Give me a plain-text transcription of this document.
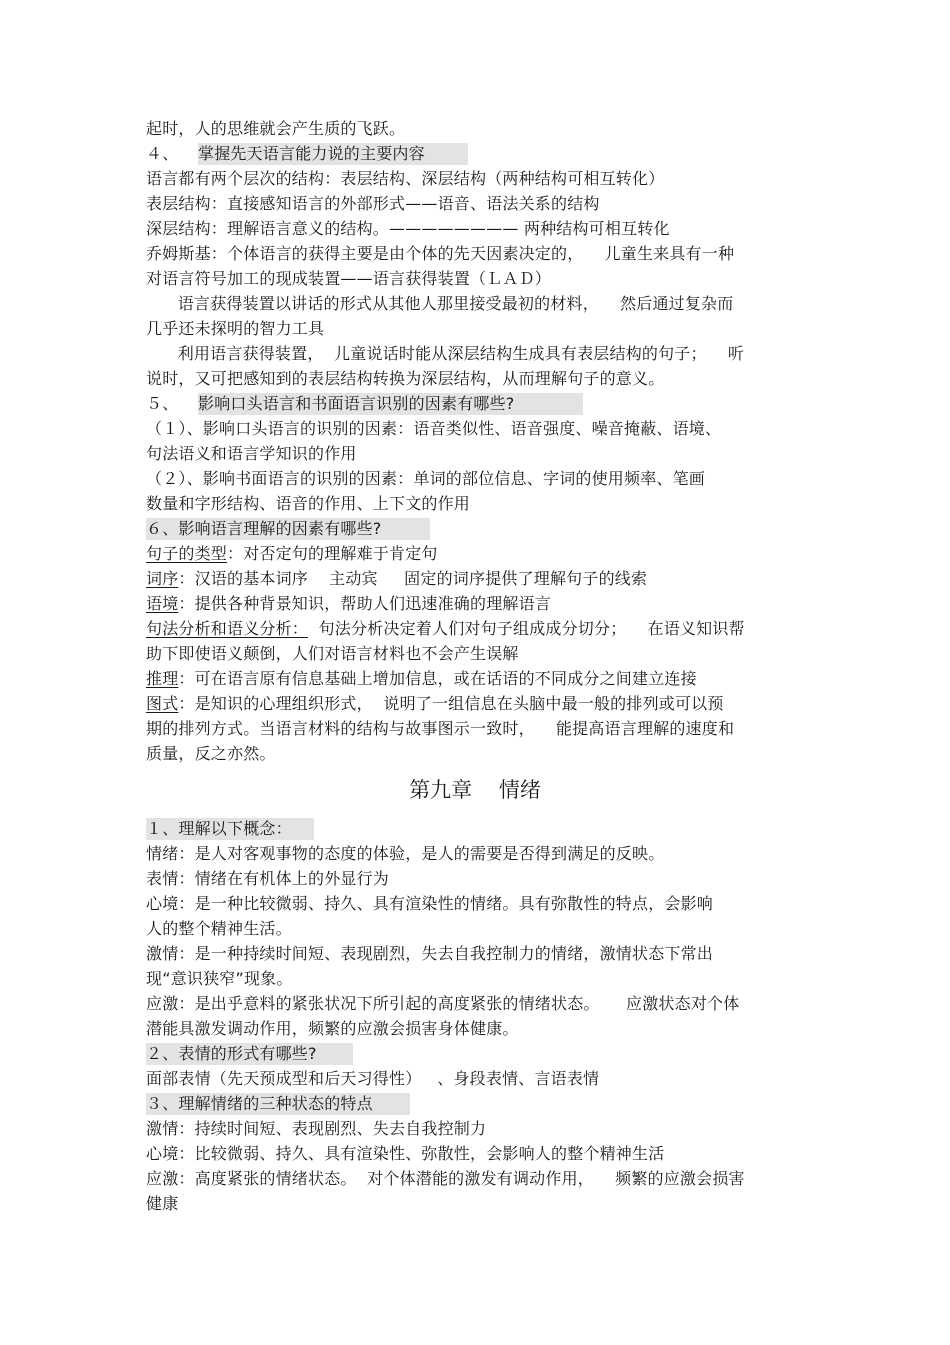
起时，人的思维就会产生质的飞跃。
４、 掌握先天语言能力说的主要内容
语言都有两个层次的结构：表层结构、深层结构（两种结构可相互转化）
表层结构：直接感知语言的外部形式——语音、语法关系的结构
深层结构：理解语言意义的结构。———————— 两种结构可相互转化
乔姆斯基：个体语言的获得主要是由个体的先天因素决定的，    儿童生来具有一种
对语言符号加工的现成装置——语言获得装置（ＬＡＤ）
语言获得装置以讲话的形式从其他人那里接受最初的材料，    然后通过复杂而
几乎还未探明的智力工具
利用语言获得装置，  儿童说话时能从深层结构生成具有表层结构的句子；    听
说时，又可把感知到的表层结构转换为深层结构，从而理解句子的意义。
５、 影响口头语言和书面语言识别的因素有哪些?
（１）、影响口头语言的识别的因素：语音类似性、语音强度、噪音掩蔽、语境、
句法语义和语言学知识的作用
（２）、影响书面语言的识别的因素：单词的部位信息、字词的使用频率、笔画
数量和字形结构、语音的作用、上下文的作用
６、影响语言理解的因素有哪些?
句子的类型：对否定句的理解难于肯定句
词序：汉语的基本词序    主动宾     固定的词序提供了理解句子的线索
语境：提供各种背景知识，帮助人们迅速准确的理解语言
句法分析和语义分析：  句法分析决定着人们对句子组成成分切分；    在语义知识帮
助下即使语义颠倒，人们对语言材料也不会产生误解
推理：可在语言原有信息基础上增加信息，或在话语的不同成分之间建立连接
图式：是知识的心理组织形式，  说明了一组信息在头脑中最一般的排列或可以预
期的排列方式。当语言材料的结构与故事图示一致时，    能提高语言理解的速度和
质量，反之亦然。
第九章    情绪
１、理解以下概念：
情绪：是人对客观事物的态度的体验，是人的需要是否得到满足的反映。
表情：情绪在有机体上的外显行为
心境：是一种比较微弱、持久、具有渲染性的情绪。具有弥散性的特点，会影响
人的整个精神生活。
激情：是一种持续时间短、表现剧烈，失去自我控制力的情绪，激情状态下常出
现“意识狭窄”现象。
应激：是出乎意料的紧张状况下所引起的高度紧张的情绪状态。     应激状态对个体
潜能具激发调动作用，频繁的应激会损害身体健康。
２、表情的形式有哪些?
面部表情（先天预成型和后天习得性）   、身段表情、言语表情
３、理解情绪的三种状态的特点
激情：持续时间短、表现剧烈、失去自我控制力
心境：比较微弱、持久、具有渲染性、弥散性，会影响人的整个精神生活
应激：高度紧张的情绪状态。  对个体潜能的激发有调动作用，    频繁的应激会损害
健康
